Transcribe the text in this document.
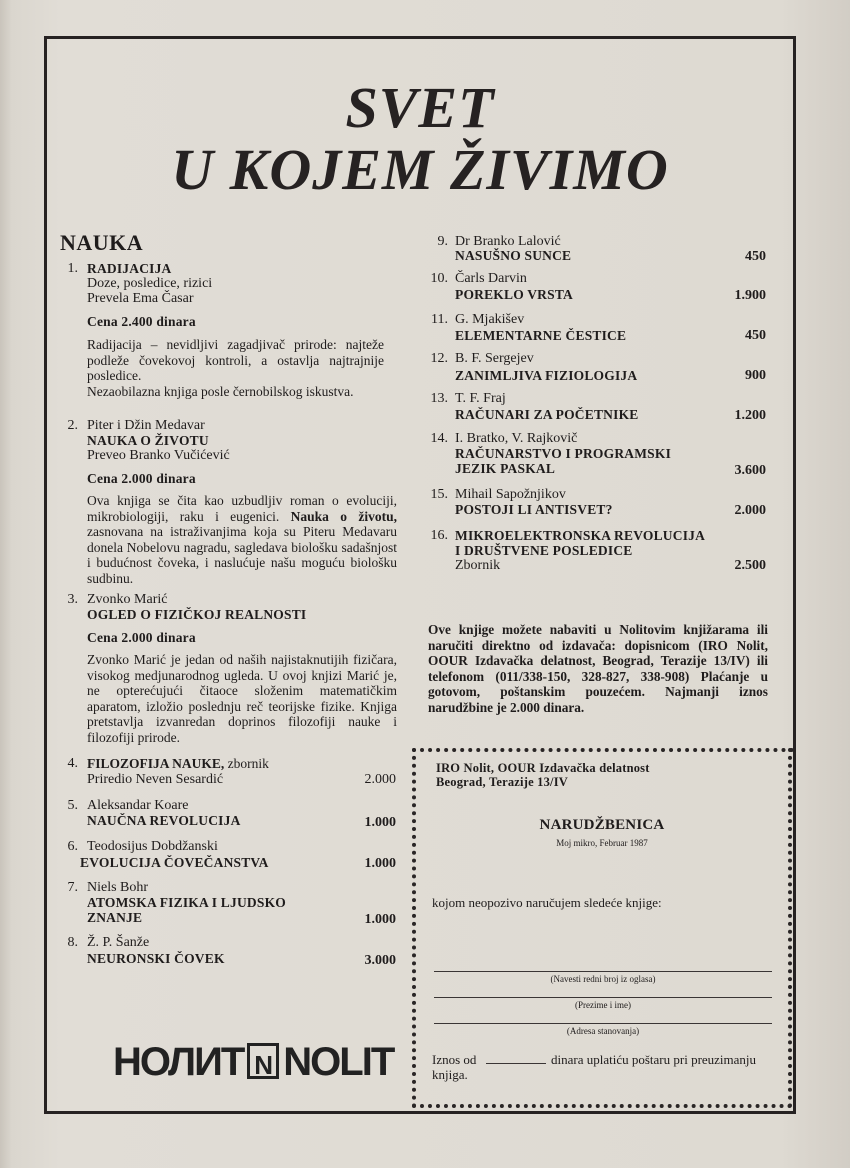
SVET
U KOJEM ŽIVIMO
NAUKA
1. RADIJACIJA
Doze, posledice, rizici
Prevela Ema Časar
Cena 2.400 dinara
Radijacija – nevidljivi zagadjivač prirode: najteže podleže čovekovoj kontroli, a ostavlja najtrajnije posledice.
Nezaobilazna knjiga posle černobilskog iskustva.
2. Piter i Džin Medavar
NAUKA O ŽIVOTU
Preveo Branko Vučićević
Cena 2.000 dinara
Ova knjiga se čita kao uzbudljiv roman o evoluciji, mikrobiologiji, raku i eugenici. Nauka o životu, zasnovana na istraživanjima koja su Piteru Medavaru donela Nobelovu nagradu, sagledava biološku sadašnjost i budućnost čoveka, i naslućuje našu moguću biološku sudbinu.
3. Zvonko Marić
OGLED O FIZIČKOJ REALNOSTI
Cena 2.000 dinara
Zvonko Marić je jedan od naših najistaknutijih fizičara, visokog medjunarodnog ugleda. U ovoj knjizi Marić je, ne opterećujući čitaoce složenim matematičkim aparatom, izložio poslednju reč teorijske fizike. Knjiga pretstavlja izvanredan doprinos filozofiji nauke i filozofiji prirode.
4. FILOZOFIJA NAUKE, zbornik
Priredio Neven Sesardić	2.000
5. Aleksandar Koare
NAUČNA REVOLUCIJA	1.000
6. Teodosijus Dobdžanski
EVOLUCIJA ČOVEČANSTVA	1.000
7. Niels Bohr
ATOMSKA FIZIKA I LJUDSKO
ZNANJE	1.000
8. Ž. P. Šanže
NEURONSKI ČOVEK	3.000
9. Dr Branko Lalović
NASUŠNO SUNCE	450
10. Čarls Darvin
POREKLO VRSTA	1.900
11. G. Mjakišev
ELEMENTARNE ČESTICE	450
12. B. F. Sergejev
ZANIMLJIVA FIZIOLOGIJA	900
13. T. F. Fraj
RAČUNARI ZA POČETNIKE	1.200
14. I. Bratko, V. Rajkovič
RAČUNARSTVO I PROGRAMSKI
JEZIK PASKAL	3.600
15. Mihail Sapožnjikov
POSTOJI LI ANTISVET?	2.000
16. MIKROELEKTRONSKA REVOLUCIJA
I DRUŠTVENE POSLEDICE
Zbornik	2.500
Ove knjige možete nabaviti u Nolitovim knjižarama ili naručiti direktno od izdavača: dopisnicom (IRO Nolit, OOUR Izdavačka delatnost, Beograd, Terazije 13/IV) ili telefonom (011/338-150, 328-827, 338-908) Plaćanje u gotovom, poštanskim pouzećem. Najmanji iznos narudžbine je 2.000 dinara.
IRO Nolit, OOUR Izdavačka delatnost
Beograd, Terazije 13/IV
NARUDŽBENICA
Moj mikro, Februar 1987
kojom neopozivo naručujem sledeće knjige:
(Navesti redni broj iz oglasa)
(Prezime i ime)
(Adresa stanovanja)
Iznos od	dinara uplatiću poštaru pri preuzimanju
knjiga.
НОЛИТ N NOLIT
